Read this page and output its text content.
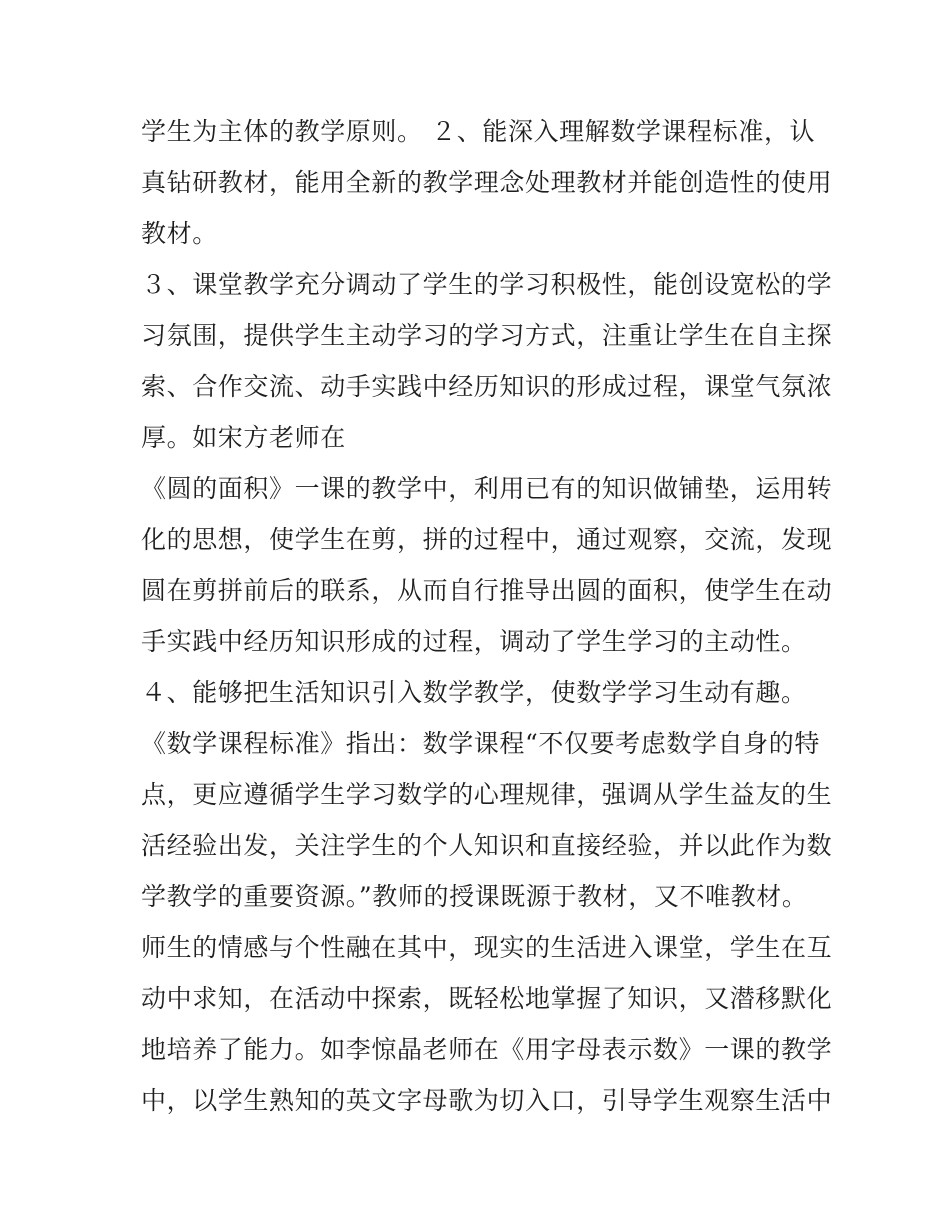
学生为主体的教学原则。 ２、能深入理解数学课程标准，认
真钻研教材，能用全新的教学理念处理教材并能创造性的使用
教材。
３、课堂教学充分调动了学生的学习积极性，能创设宽松的学
习氛围，提供学生主动学习的学习方式，注重让学生在自主探
索、合作交流、动手实践中经历知识的形成过程，课堂气氛浓
厚。如宋方老师在
《圆的面积》一课的教学中，利用已有的知识做铺垫，运用转
化的思想，使学生在剪，拼的过程中，通过观察，交流，发现
圆在剪拼前后的联系，从而自行推导出圆的面积，使学生在动
手实践中经历知识形成的过程，调动了学生学习的主动性。
４、能够把生活知识引入数学教学，使数学学习生动有趣。
《数学课程标准》指出：数学课程“不仅要考虑数学自身的特
点，更应遵循学生学习数学的心理规律，强调从学生益友的生
活经验出发，关注学生的个人知识和直接经验，并以此作为数
学教学的重要资源。”教师的授课既源于教材，又不唯教材。
师生的情感与个性融在其中，现实的生活进入课堂，学生在互
动中求知，在活动中探索，既轻松地掌握了知识，又潜移默化
地培养了能力。如李惊晶老师在《用字母表示数》一课的教学
中，以学生熟知的英文字母歌为切入口，引导学生观察生活中
